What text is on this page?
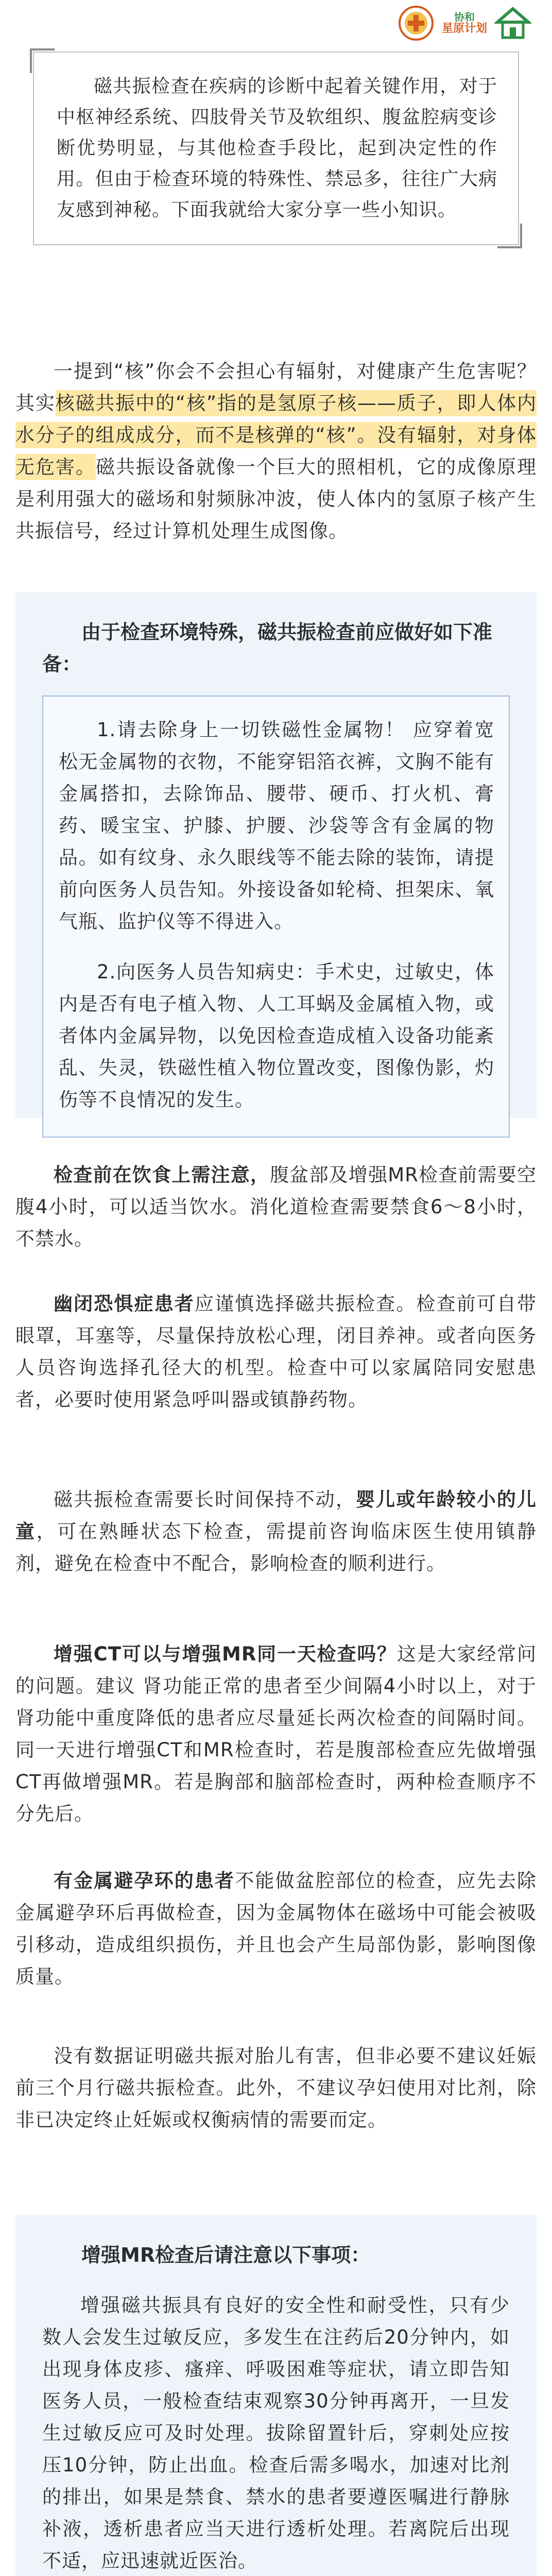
协和
星原计划

磁共振检查在疾病的诊断中起着关键作用，对于中枢神经系统、四肢骨关节及软组织、腹盆腔病变诊断优势明显，与其他检查手段比，起到决定性的作用。但由于检查环境的特殊性、禁忌多，往往广大病友感到神秘。下面我就给大家分享一些小知识。

一提到“核”你会不会担心有辐射，对健康产生危害呢？其实核磁共振中的“核”指的是氢原子核——质子，即人体内水分子的组成成分，而不是核弹的“核”。没有辐射，对身体无危害。磁共振设备就像一个巨大的照相机，它的成像原理是利用强大的磁场和射频脉冲波，使人体内的氢原子核产生共振信号，经过计算机处理生成图像。

由于检查环境特殊，磁共振检查前应做好如下准备：

1.请去除身上一切铁磁性金属物！ 应穿着宽松无金属物的衣物，不能穿铝箔衣裤，文胸不能有金属搭扣，去除饰品、腰带、硬币、打火机、膏药、暖宝宝、护膝、护腰、沙袋等含有金属的物品。如有纹身、永久眼线等不能去除的装饰，请提前向医务人员告知。外接设备如轮椅、担架床、氧气瓶、监护仪等不得进入。

2.向医务人员告知病史：手术史，过敏史，体内是否有电子植入物、人工耳蜗及金属植入物，或者体内金属异物，以免因检查造成植入设备功能紊乱、失灵，铁磁性植入物位置改变，图像伪影，灼伤等不良情况的发生。

检查前在饮食上需注意，腹盆部及增强MR检查前需要空腹4小时，可以适当饮水。消化道检查需要禁食6～8小时，不禁水。

幽闭恐惧症患者应谨慎选择磁共振检查。检查前可自带眼罩，耳塞等，尽量保持放松心理，闭目养神。或者向医务人员咨询选择孔径大的机型。检查中可以家属陪同安慰患者，必要时使用紧急呼叫器或镇静药物。

磁共振检查需要长时间保持不动，婴儿或年龄较小的儿童，可在熟睡状态下检查，需提前咨询临床医生使用镇静剂，避免在检查中不配合，影响检查的顺利进行。

增强CT可以与增强MR同一天检查吗？这是大家经常问的问题。建议 肾功能正常的患者至少间隔4小时以上，对于肾功能中重度降低的患者应尽量延长两次检查的间隔时间。同一天进行增强CT和MR检查时，若是腹部检查应先做增强CT再做增强MR。若是胸部和脑部检查时，两种检查顺序不分先后。

有金属避孕环的患者不能做盆腔部位的检查，应先去除金属避孕环后再做检查，因为金属物体在磁场中可能会被吸引移动，造成组织损伤，并且也会产生局部伪影，影响图像质量。

没有数据证明磁共振对胎儿有害，但非必要不建议妊娠前三个月行磁共振检查。此外，不建议孕妇使用对比剂，除非已决定终止妊娠或权衡病情的需要而定。

增强MR检查后请注意以下事项：

增强磁共振具有良好的安全性和耐受性，只有少数人会发生过敏反应，多发生在注药后20分钟内，如出现身体皮疹、瘙痒、呼吸困难等症状，请立即告知医务人员，一般检查结束观察30分钟再离开，一旦发生过敏反应可及时处理。拔除留置针后，穿刺处应按压10分钟，防止出血。检查后需多喝水，加速对比剂的排出，如果是禁食、禁水的患者要遵医嘱进行静脉补液，透析患者应当天进行透析处理。若离院后出现不适，应迅速就近医治。
